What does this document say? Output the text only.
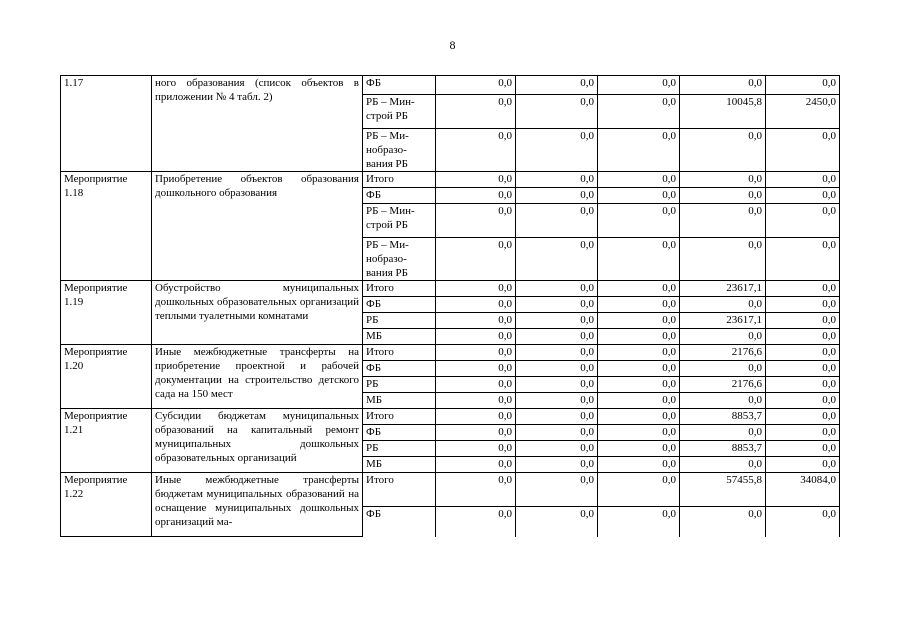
8
1.17	ного образования (список объектов в приложении № 4 табл. 2)	ФБ	0,0	0,0	0,0	0,0	0,0
		РБ – Мин-строй РБ	0,0	0,0	0,0	10045,8	2450,0
		РБ – Ми-нобразо-вания РБ	0,0	0,0	0,0	0,0	0,0
Мероприятие 1.18	Приобретение объектов образования дошкольного образования	Итого	0,0	0,0	0,0	0,0	0,0
		ФБ	0,0	0,0	0,0	0,0	0,0
		РБ – Мин-строй РБ	0,0	0,0	0,0	0,0	0,0
		РБ – Ми-нобразо-вания РБ	0,0	0,0	0,0	0,0	0,0
Мероприятие 1.19	Обустройство муниципальных дошкольных образовательных организаций теплыми туалетными комнатами	Итого	0,0	0,0	0,0	23617,1	0,0
		ФБ	0,0	0,0	0,0	0,0	0,0
		РБ	0,0	0,0	0,0	23617,1	0,0
		МБ	0,0	0,0	0,0	0,0	0,0
Мероприятие 1.20	Иные межбюджетные трансферты на приобретение проектной и рабочей документации на строительство детского сада на 150 мест	Итого	0,0	0,0	0,0	2176,6	0,0
		ФБ	0,0	0,0	0,0	0,0	0,0
		РБ	0,0	0,0	0,0	2176,6	0,0
		МБ	0,0	0,0	0,0	0,0	0,0
Мероприятие 1.21	Субсидии бюджетам муниципальных образований на капитальный ремонт муниципальных дошкольных образовательных организаций	Итого	0,0	0,0	0,0	8853,7	0,0
		ФБ	0,0	0,0	0,0	0,0	0,0
		РБ	0,0	0,0	0,0	8853,7	0,0
		МБ	0,0	0,0	0,0	0,0	0,0
Мероприятие 1.22	Иные межбюджетные трансферты бюджетам муниципальных образований на оснащение муниципальных дошкольных организаций ма-	Итого	0,0	0,0	0,0	57455,8	34084,0
		ФБ	0,0	0,0	0,0	0,0	0,0
